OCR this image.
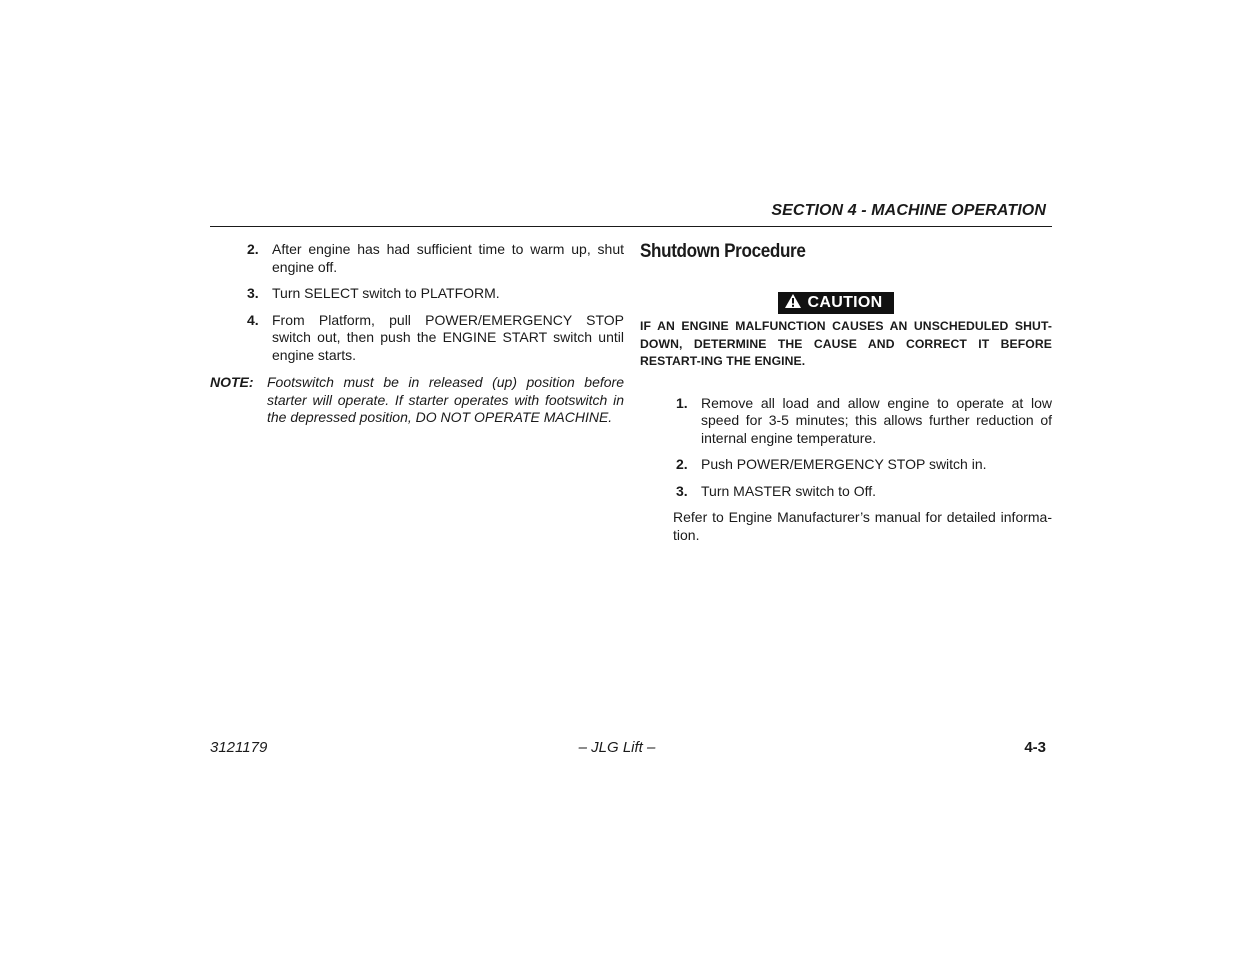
SECTION 4 - MACHINE OPERATION
2. After engine has had sufficient time to warm up, shut engine off.
3. Turn SELECT switch to PLATFORM.
4. From Platform, pull POWER/EMERGENCY STOP switch out, then push the ENGINE START switch until engine starts.
NOTE: Footswitch must be in released (up) position before starter will operate. If starter operates with footswitch in the depressed position, DO NOT OPERATE MACHINE.
Shutdown Procedure
CAUTION
IF AN ENGINE MALFUNCTION CAUSES AN UNSCHEDULED SHUT-DOWN, DETERMINE THE CAUSE AND CORRECT IT BEFORE RESTART-ING THE ENGINE.
1. Remove all load and allow engine to operate at low speed for 3-5 minutes; this allows further reduction of internal engine temperature.
2. Push POWER/EMERGENCY STOP switch in.
3. Turn MASTER switch to Off.
Refer to Engine Manufacturer’s manual for detailed informa-tion.
3121179	– JLG Lift –	4-3
